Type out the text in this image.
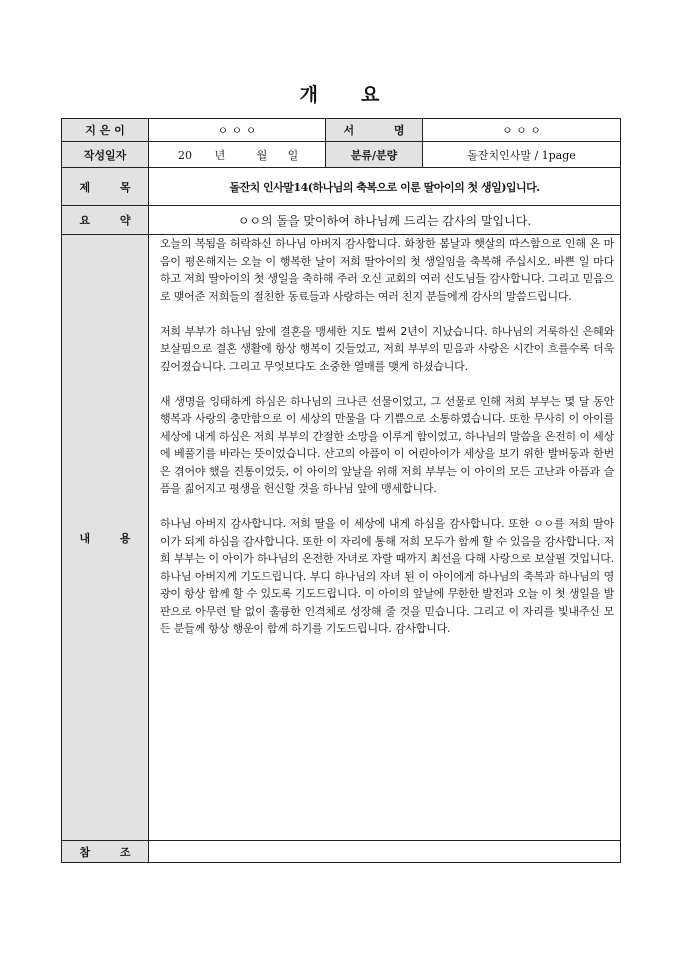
개 요
지 은 이	ㅇ ㅇ ㅇ	서 명	ㅇ ㅇ ㅇ
작성일자	20 년 월 일	분류/분량	돌잔치인사말 / 1page
제 목	돌잔치 인사말14(하나님의 축복으로 이룬 딸아이의 첫 생일)입니다.		
요 약	ㅇㅇ의 돌을 맞이하여 하나님께 드리는 감사의 말입니다.		
내 용	오늘의 복됨을 허락하신 하나님 아버지 감사합니다. 화창한 봄날과 햇살의 따스함으로 인해 온 마음이 평온해지는 오늘 이 행복한 날이 저희 딸아이의 첫 생일임을 축복해 주십시오. 바쁜 일 마다하고 저희 딸아이의 첫 생일을 축하해 주러 오신 교회의 여러 신도님들 감사합니다. 그리고 믿음으로 맺어준 저희들의 절친한 동료들과 사랑하는 여러 친지 분들에게 감사의 말씀드립니다.

저희 부부가 하나님 앞에 결혼을 맹세한 지도 벌써 2년이 지났습니다. 하나님의 거룩하신 은혜와 보살핌으로 결혼 생활에 항상 행복이 깃들었고, 저희 부부의 믿음과 사랑은 시간이 흐를수록 더욱 깊어졌습니다. 그리고 무엇보다도 소중한 열매를 맺게 하셨습니다.

새 생명을 잉태하게 하심은 하나님의 크나큰 선물이었고, 그 선물로 인해 저희 부부는 몇 달 동안 행복과 사랑의 충만함으로 이 세상의 만물을 다 기쁨으로 소통하였습니다. 또한 무사히 이 아이를 세상에 내게 하심은 저희 부부의 간절한 소망을 이루게 함이었고, 하나님의 말씀을 온전히 이 세상에 베풀기를 바라는 뜻이었습니다. 산고의 아픔이 이 어린아이가 세상을 보기 위한 발버둥과 한번은 겪어야 했을 진통이었듯, 이 아이의 앞날을 위해 저희 부부는 이 아이의 모든 고난과 아픔과 슬픔을 짊어지고 평생을 헌신할 것을 하나님 앞에 맹세합니다.

하나님 아버지 감사합니다. 저희 딸을 이 세상에 내게 하심을 감사합니다. 또한 ㅇㅇ를 저희 딸아이가 되게 하심을 감사합니다. 또한 이 자리에 통해 저희 모두가 함께 할 수 있음을 감사합니다. 저희 부부는 이 아이가 하나님의 온전한 자녀로 자랄 때까지 최선을 다해 사랑으로 보살필 것입니다. 하나님 아버지께 기도드립니다. 부디 하나님의 자녀 된 이 아이에게 하나님의 축복과 하나님의 영광이 항상 함께 할 수 있도록 기도드립니다. 이 아이의 앞날에 무한한 발전과 오늘 이 첫 생일을 발판으로 아무런 탈 없이 훌륭한 인격체로 성장해 줄 것을 믿습니다. 그리고 이 자리를 빛내주신 모든 분들께 항상 행운이 함께 하기를 기도드립니다. 감사합니다.		

참 조			
